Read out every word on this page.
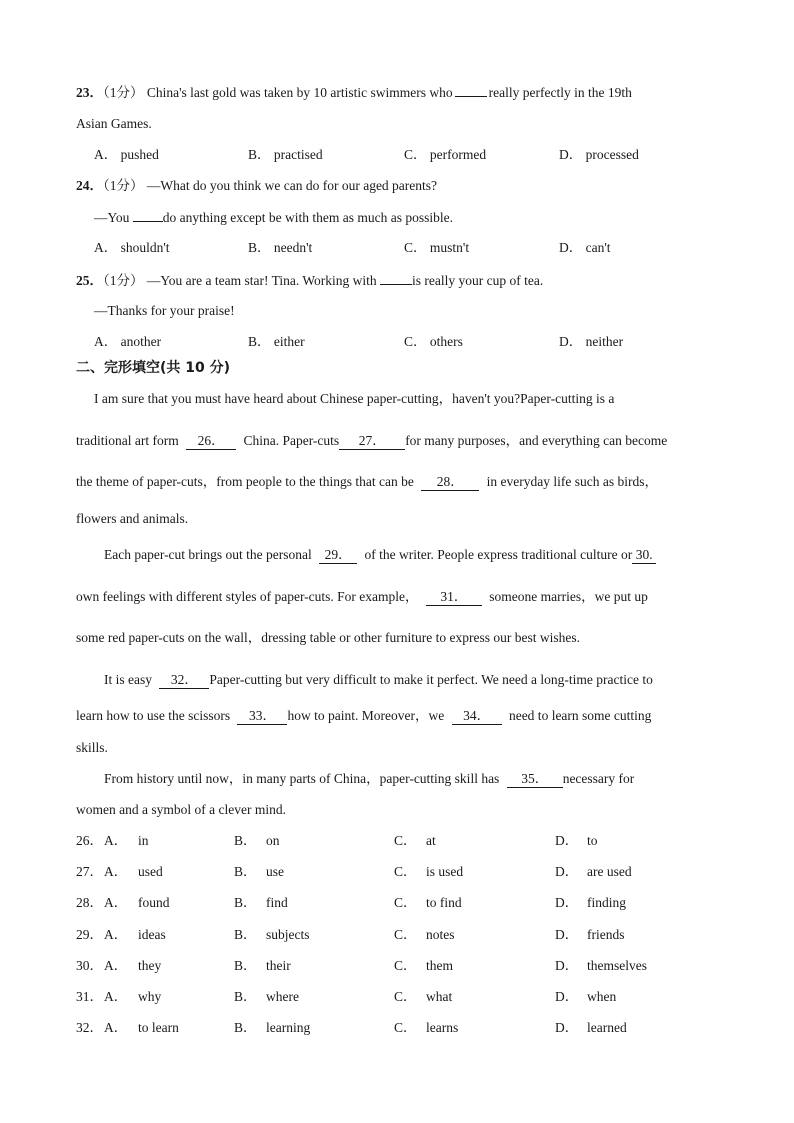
23．（1分） China's last gold was taken by 10 artistic swimmers who	really perfectly in the 19th
Asian Games.
A． pushed	B． practised	C． performed	D． processed
24．（1分） —What do you think we can do for our aged parents?
—You do anything except be with them as much as possible.
A． shouldn't	B． needn't	C． mustn't	D． can't
25．（1分） —You are a team star! Tina. Working with	is really your cup of tea.
—Thanks for your praise!
A． another	B． either	C． others	D． neither
二、完形填空(共 10 分)
I am sure that you must have heard about Chinese paper-cutting，haven't you?Paper-cutting is a
traditional art form 26． China. Paper-cuts 27． for many purposes，and everything can become
the theme of paper-cuts，from people to the things that can be 28． in everyday life such as birds，
flowers and animals.
Each paper-cut brings out the personal 29． of the writer. People express traditional culture or 30.
own feelings with different styles of paper-cuts. For example， 31． someone marries，we put up
some red paper-cuts on the wall，dressing table or other furniture to express our best wishes.
It is easy 32． Paper-cutting but very difficult to make it perfect. We need a long-time practice to
learn how to use the scissors 33． how to paint. Moreover，we 34． need to learn some cutting
skills.
From history until now，in many parts of China，paper-cutting skill has 35． necessary for
women and a symbol of a clever mind.
26． A． in	B． on	C． at	D． to
27． A． used	B． use	C． is used	D． are used
28． A． found	B． find	C． to find	D． finding
29． A． ideas	B． subjects	C． notes	D． friends
30． A． they	B． their	C． them	D． themselves
31． A． why	B． where	C． what	D． when
32． A． to learn	B． learning	C． learns	D． learned
